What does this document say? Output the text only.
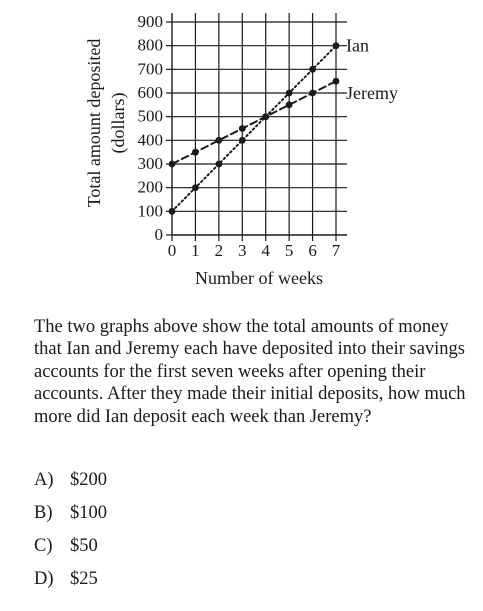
0
100
200
300
400
500
600
700
800
900
0 1 2 3 4 5 6 7
Ian
Jeremy
Number of weeks
Total amount deposited (dollars)
The two graphs above show the total amounts of money that Ian and Jeremy each have deposited into their savings accounts for the first seven weeks after opening their accounts. After they made their initial deposits, how much more did Ian deposit each week than Jeremy?
A) $200
B) $100
C) $50
D) $25
